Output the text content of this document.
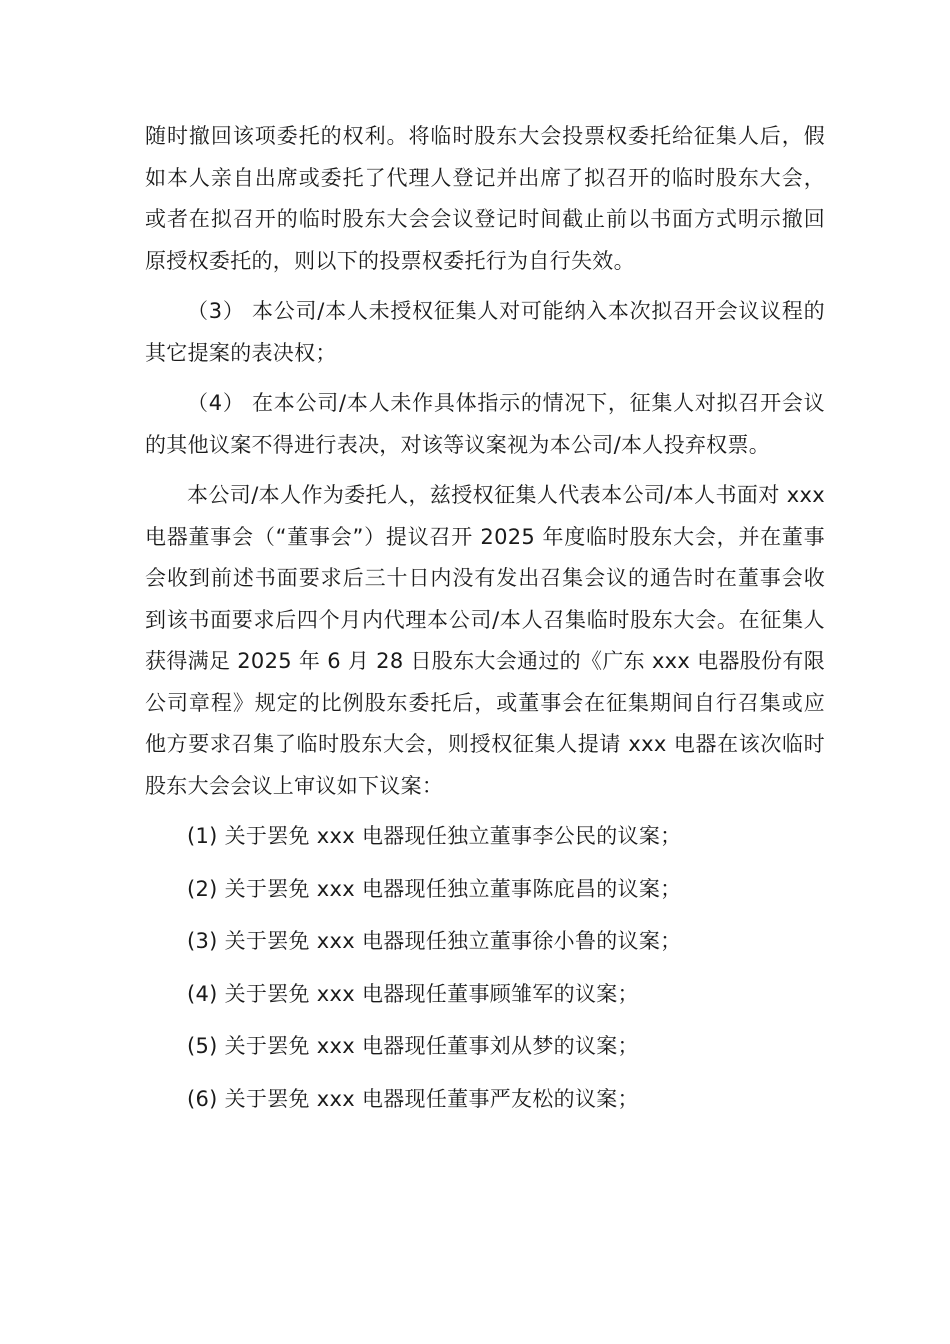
随时撤回该项委托的权利。将临时股东大会投票权委托给征集人后，假如本人亲自出席或委托了代理人登记并出席了拟召开的临时股东大会，或者在拟召开的临时股东大会会议登记时间截止前以书面方式明示撤回原授权委托的，则以下的投票权委托行为自行失效。

（3） 本公司/本人未授权征集人对可能纳入本次拟召开会议议程的其它提案的表决权；

（4） 在本公司/本人未作具体指示的情况下，征集人对拟召开会议的其他议案不得进行表决，对该等议案视为本公司/本人投弃权票。

本公司/本人作为委托人，兹授权征集人代表本公司/本人书面对 xxx 电器董事会（“董事会”）提议召开 2025 年度临时股东大会，并在董事会收到前述书面要求后三十日内没有发出召集会议的通告时在董事会收到该书面要求后四个月内代理本公司/本人召集临时股东大会。在征集人获得满足 2025 年 6 月 28 日股东大会通过的《广东 xxx 电器股份有限公司章程》规定的比例股东委托后，或董事会在征集期间自行召集或应他方要求召集了临时股东大会，则授权征集人提请 xxx 电器在该次临时股东大会会议上审议如下议案：

(1) 关于罢免 xxx 电器现任独立董事李公民的议案；
(2) 关于罢免 xxx 电器现任独立董事陈庇昌的议案；
(3) 关于罢免 xxx 电器现任独立董事徐小鲁的议案；
(4) 关于罢免 xxx 电器现任董事顾雏军的议案；
(5) 关于罢免 xxx 电器现任董事刘从梦的议案；
(6) 关于罢免 xxx 电器现任董事严友松的议案；
